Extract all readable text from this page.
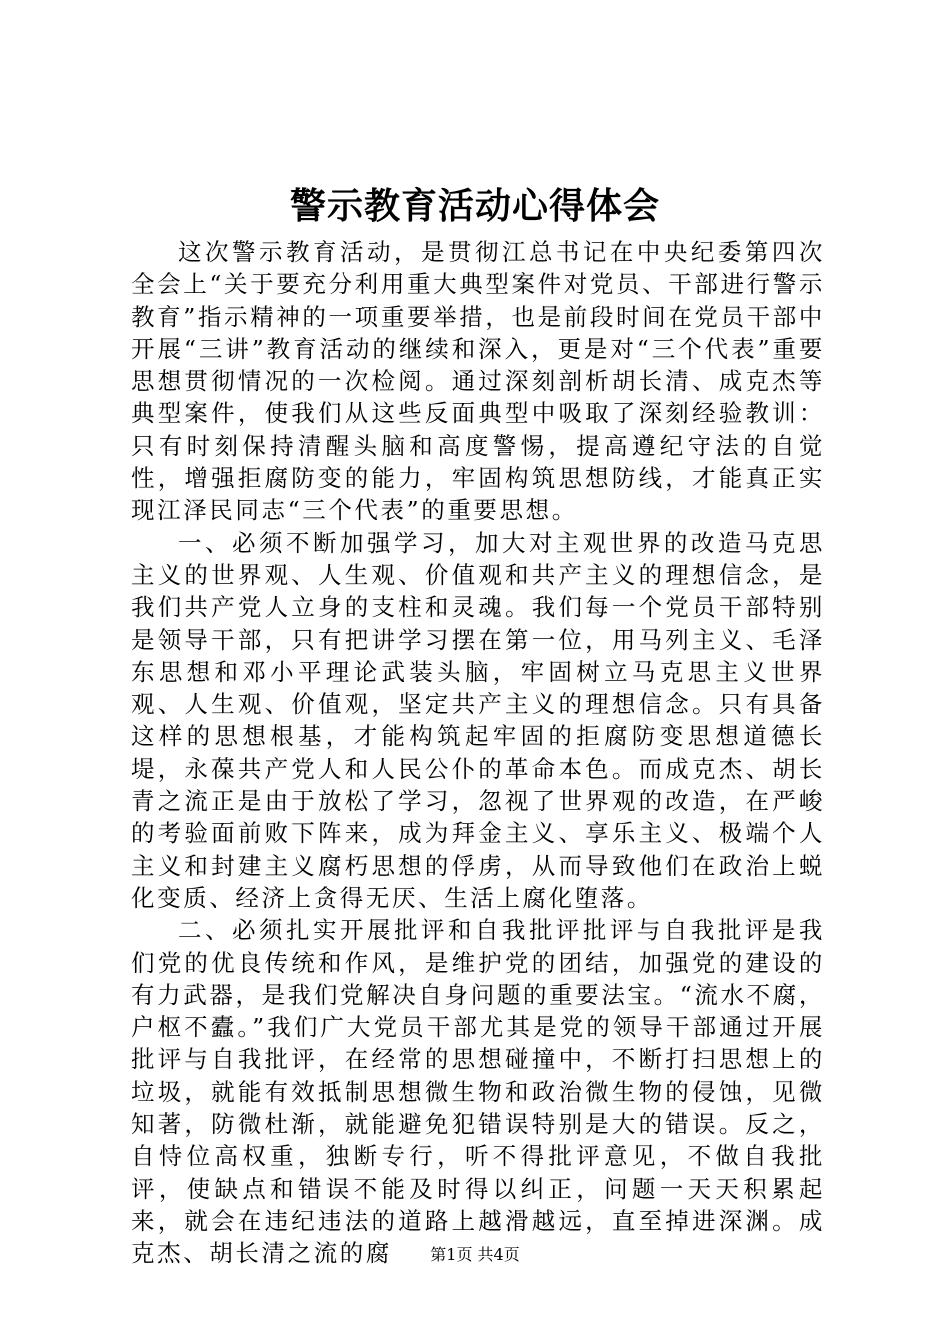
警示教育活动心得体会

这次警示教育活动，是贯彻江总书记在中央纪委第四次全会上“关于要充分利用重大典型案件对党员、干部进行警示教育”指示精神的一项重要举措，也是前段时间在党员干部中开展“三讲”教育活动的继续和深入，更是对“三个代表”重要思想贯彻情况的一次检阅。通过深刻剖析胡长清、成克杰等典型案件，使我们从这些反面典型中吸取了深刻经验教训：只有时刻保持清醒头脑和高度警惕，提高遵纪守法的自觉性，增强拒腐防变的能力，牢固构筑思想防线，才能真正实现江泽民同志“三个代表”的重要思想。

一、必须不断加强学习，加大对主观世界的改造马克思主义的世界观、人生观、价值观和共产主义的理想信念，是我们共产党人立身的支柱和灵魂。我们每一个党员干部特别是领导干部，只有把讲学习摆在第一位，用马列主义、毛泽东思想和邓小平理论武装头脑，牢固树立马克思主义世界观、人生观、价值观，坚定共产主义的理想信念。只有具备这样的思想根基，才能构筑起牢固的拒腐防变思想道德长堤，永葆共产党人和人民公仆的革命本色。而成克杰、胡长青之流正是由于放松了学习，忽视了世界观的改造，在严峻的考验面前败下阵来，成为拜金主义、享乐主义、极端个人主义和封建主义腐朽思想的俘虏，从而导致他们在政治上蜕化变质、经济上贪得无厌、生活上腐化堕落。

二、必须扎实开展批评和自我批评批评与自我批评是我们党的优良传统和作风，是维护党的团结，加强党的建设的有力武器，是我们党解决自身问题的重要法宝。“流水不腐，户枢不蠹。”我们广大党员干部尤其是党的领导干部通过开展批评与自我批评，在经常的思想碰撞中，不断打扫思想上的垃圾，就能有效抵制思想微生物和政治微生物的侵蚀，见微知著，防微杜渐，就能避免犯错误特别是大的错误。反之，自恃位高权重，独断专行，听不得批评意见，不做自我批评，使缺点和错误不能及时得以纠正，问题一天天积累起来，就会在违纪违法的道路上越滑越远，直至掉进深渊。成克杰、胡长清之流的腐	第1页 共4页
